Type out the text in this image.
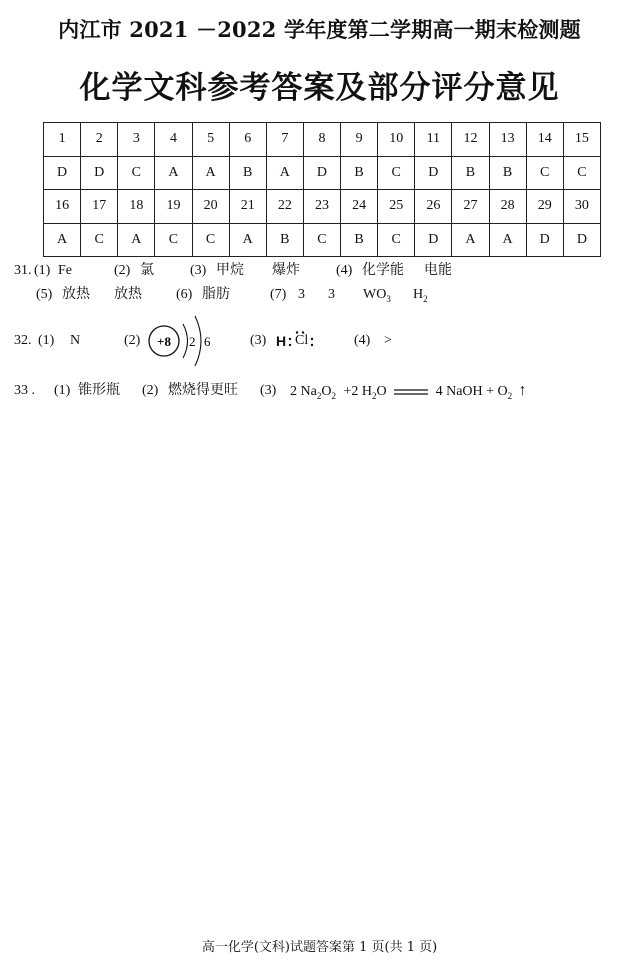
内江市 2021 －2022 学年度第二学期高一期末检测题
化学文科参考答案及部分评分意见
1	2	3	4	5	6	7	8	9	10	11	12	13	14	15
D	D	C	A	A	B	A	D	B	C	D	B	B	C	C
16	17	18	19	20	21	22	23	24	25	26	27	28	29	30
A	C	A	C	C	A	B	C	B	C	D	A	A	D	D
31. (1) Fe	(2) 氯	(3) 甲烷 爆炸	(4) 化学能 电能
(5) 放热 放热 (6) 脂肪	(7) 3 3 $WO_3$ $H_2$
32. (1) N	(2)	(3)	(4) >
+8 2 6	H Cl
33 . (1) 锥形瓶 (2) 燃烧得更旺 (3) 2 $Na_2O_2 +2$ $H_2O$	4 NaOH + $O_2$ ↑
高一化学(文科)试题答案第 1 页(共 1 页)
